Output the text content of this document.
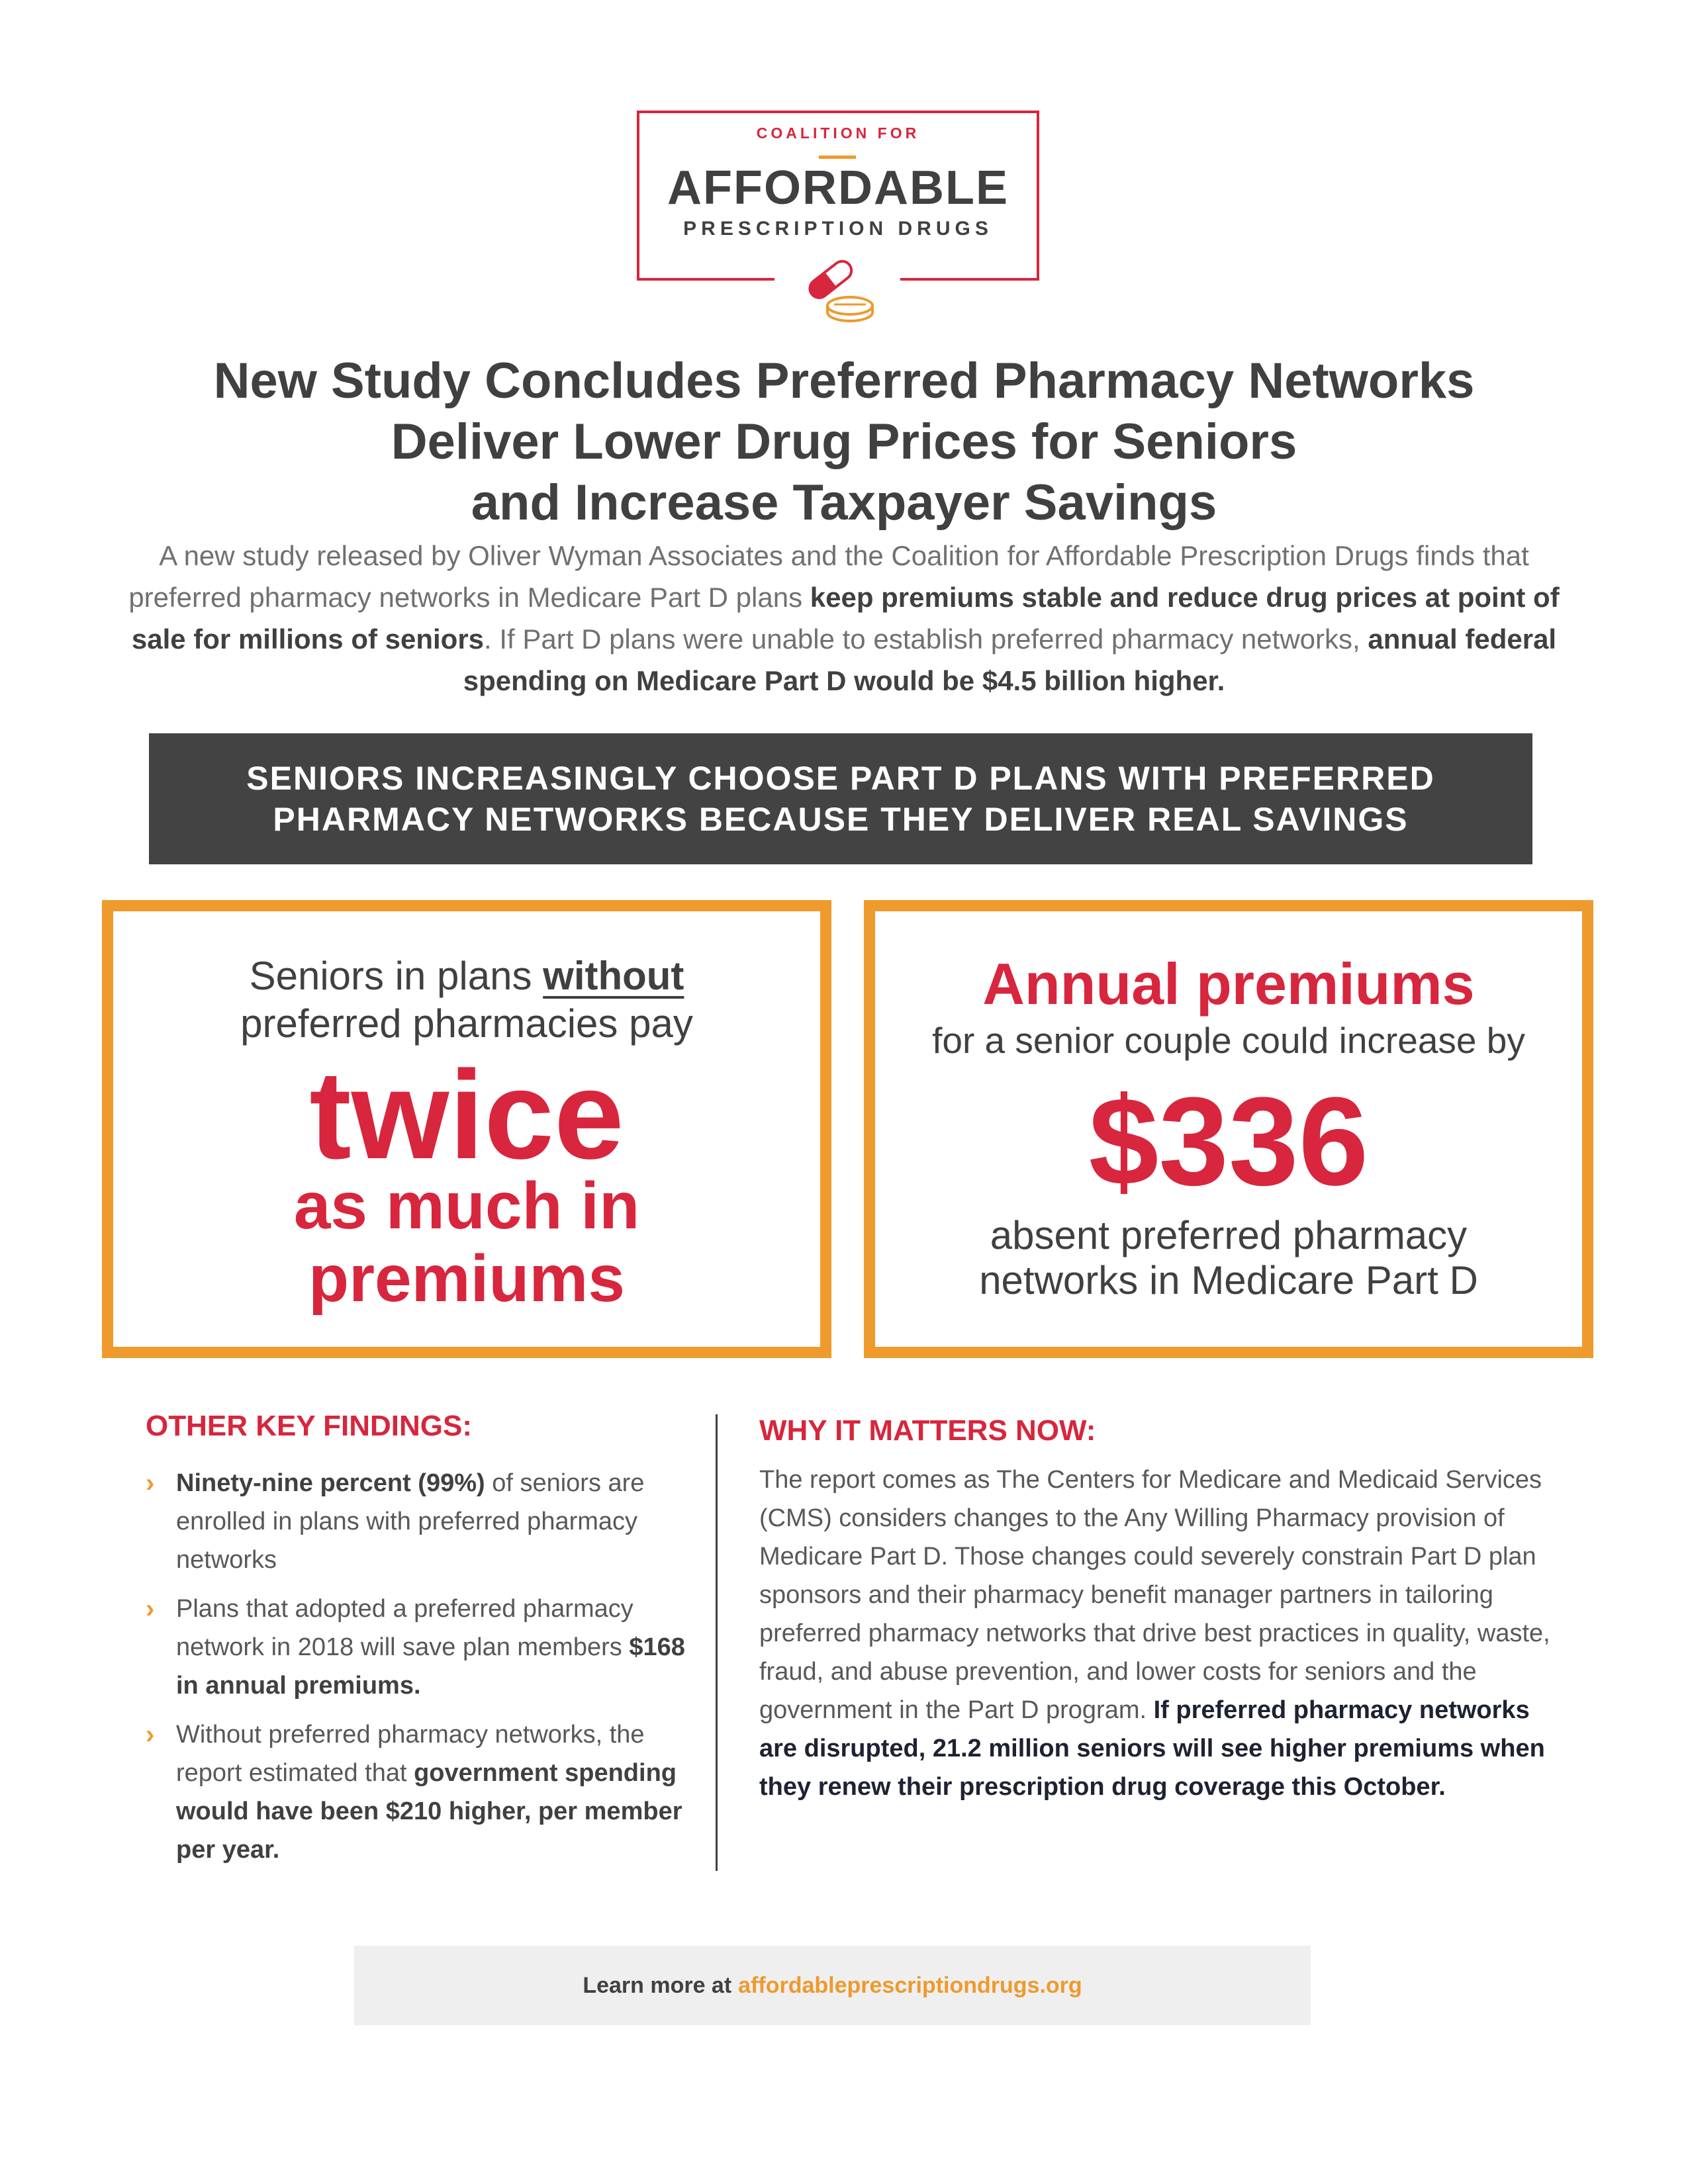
COALITION FOR
AFFORDABLE
PRESCRIPTION DRUGS
New Study Concludes Preferred Pharmacy Networks
Deliver Lower Drug Prices for Seniors
and Increase Taxpayer Savings

A new study released by Oliver Wyman Associates and the Coalition for Affordable Prescription Drugs finds that preferred pharmacy networks in Medicare Part D plans keep premiums stable and reduce drug prices at point of sale for millions of seniors. If Part D plans were unable to establish preferred pharmacy networks, annual federal spending on Medicare Part D would be $4.5 billion higher.

SENIORS INCREASINGLY CHOOSE PART D PLANS WITH PREFERRED
PHARMACY NETWORKS BECAUSE THEY DELIVER REAL SAVINGS
Seniors in plans without
preferred pharmacies pay
twice
as much in
premiums
Annual premiums
for a senior couple could increase by
$336
absent preferred pharmacy
networks in Medicare Part D
OTHER KEY FINDINGS:
› Ninety-nine percent (99%) of seniors are enrolled in plans with preferred pharmacy networks
› Plans that adopted a preferred pharmacy network in 2018 will save plan members $168 in annual premiums.
› Without preferred pharmacy networks, the report estimated that government spending would have been $210 higher, per member per year.
WHY IT MATTERS NOW:

The report comes as The Centers for Medicare and Medicaid Services (CMS) considers changes to the Any Willing Pharmacy provision of Medicare Part D. Those changes could severely constrain Part D plan sponsors and their pharmacy benefit manager partners in tailoring preferred pharmacy networks that drive best practices in quality, waste, fraud, and abuse prevention, and lower costs for seniors and the government in the Part D program. If preferred pharmacy networks are disrupted, 21.2 million seniors will see higher premiums when they renew their prescription drug coverage this October.

Learn more at affordableprescriptiondrugs.org
